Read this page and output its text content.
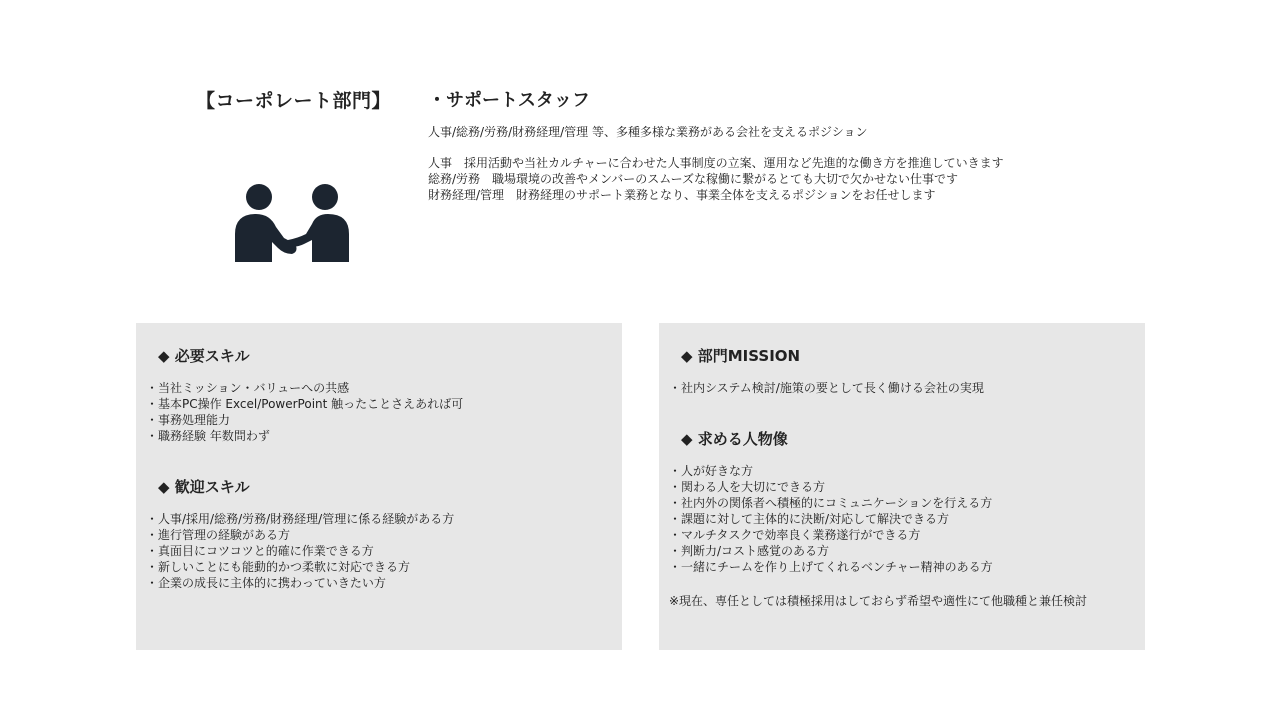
【コーポレート部門】 ・サポートスタッフ
人事/総務/労務/財務経理/管理 等、多種多様な業務がある会社を支えるポジション
人事　採用活動や当社カルチャーに合わせた人事制度の立案、運用など先進的な働き方を推進していきます
総務/労務　職場環境の改善やメンバーのスムーズな稼働に繋がるとても大切で欠かせない仕事です
財務経理/管理　財務経理のサポート業務となり、事業全体を支えるポジションをお任せします
◆ 必要スキル
・当社ミッション・バリューへの共感
・基本PC操作 Excel/PowerPoint 触ったことさえあれば可
・事務処理能力
・職務経験 年数問わず
◆ 歓迎スキル
・人事/採用/総務/労務/財務経理/管理に係る経験がある方
・進行管理の経験がある方
・真面目にコツコツと的確に作業できる方
・新しいことにも能動的かつ柔軟に対応できる方
・企業の成長に主体的に携わっていきたい方
◆ 部門MISSION
・社内システム検討/施策の要として長く働ける会社の実現
◆ 求める人物像
・人が好きな方
・関わる人を大切にできる方
・社内外の関係者へ積極的にコミュニケーションを行える方
・課題に対して主体的に決断/対応して解決できる方
・マルチタスクで効率良く業務遂行ができる方
・判断力/コスト感覚のある方
・一緒にチームを作り上げてくれるベンチャー精神のある方
※現在、専任としては積極採用はしておらず希望や適性にて他職種と兼任検討
